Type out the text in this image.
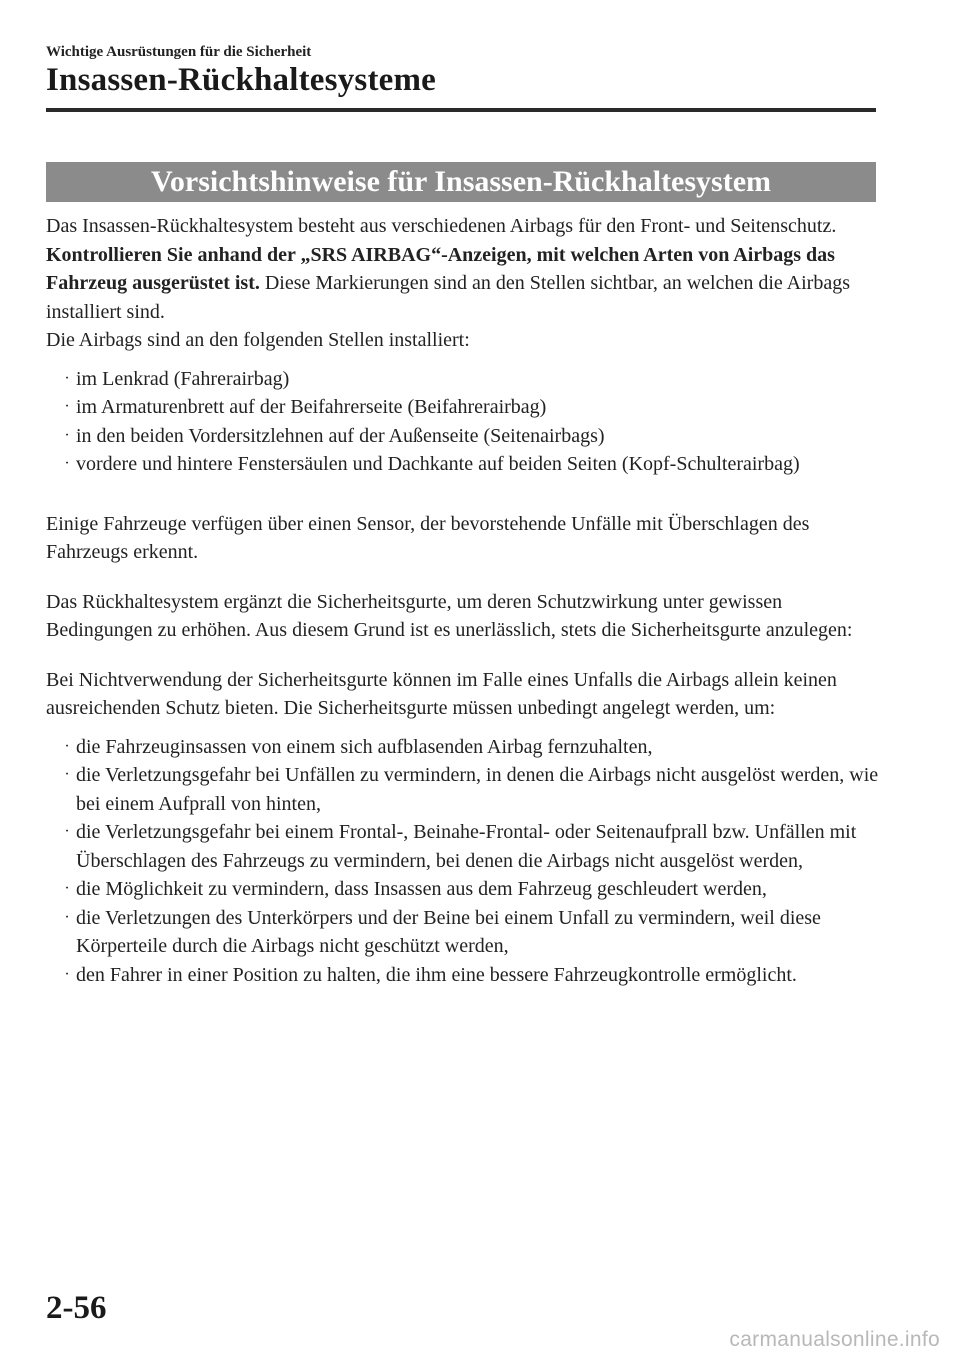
Wichtige Ausrüstungen für die Sicherheit
Insassen-Rückhaltesysteme
Vorsichtshinweise für Insassen-Rückhaltesystem

Das Insassen-Rückhaltesystem besteht aus verschiedenen Airbags für den Front- und Seitenschutz. Kontrollieren Sie anhand der „SRS AIRBAG“-Anzeigen, mit welchen Arten von Airbags das Fahrzeug ausgerüstet ist. Diese Markierungen sind an den Stellen sichtbar, an welchen die Airbags installiert sind.

Die Airbags sind an den folgenden Stellen installiert:

· im Lenkrad (Fahrerairbag)
· im Armaturenbrett auf der Beifahrerseite (Beifahrerairbag)
· in den beiden Vordersitzlehnen auf der Außenseite (Seitenairbags)
· vordere und hintere Fenstersäulen und Dachkante auf beiden Seiten (Kopf-Schulterairbag)

Einige Fahrzeuge verfügen über einen Sensor, der bevorstehende Unfälle mit Überschlagen des Fahrzeugs erkennt.

Das Rückhaltesystem ergänzt die Sicherheitsgurte, um deren Schutzwirkung unter gewissen Bedingungen zu erhöhen. Aus diesem Grund ist es unerlässlich, stets die Sicherheitsgurte anzulegen:

Bei Nichtverwendung der Sicherheitsgurte können im Falle eines Unfalls die Airbags allein keinen ausreichenden Schutz bieten. Die Sicherheitsgurte müssen unbedingt angelegt werden, um:

· die Fahrzeuginsassen von einem sich aufblasenden Airbag fernzuhalten,
· die Verletzungsgefahr bei Unfällen zu vermindern, in denen die Airbags nicht ausgelöst werden, wie bei einem Aufprall von hinten,
· die Verletzungsgefahr bei einem Frontal-, Beinahe-Frontal- oder Seitenaufprall bzw. Unfällen mit Überschlagen des Fahrzeugs zu vermindern, bei denen die Airbags nicht ausgelöst werden,
· die Möglichkeit zu vermindern, dass Insassen aus dem Fahrzeug geschleudert werden,
· die Verletzungen des Unterkörpers und der Beine bei einem Unfall zu vermindern, weil diese Körperteile durch die Airbags nicht geschützt werden,
· den Fahrer in einer Position zu halten, die ihm eine bessere Fahrzeugkontrolle ermöglicht.
2-56
carmanualsonline.info
